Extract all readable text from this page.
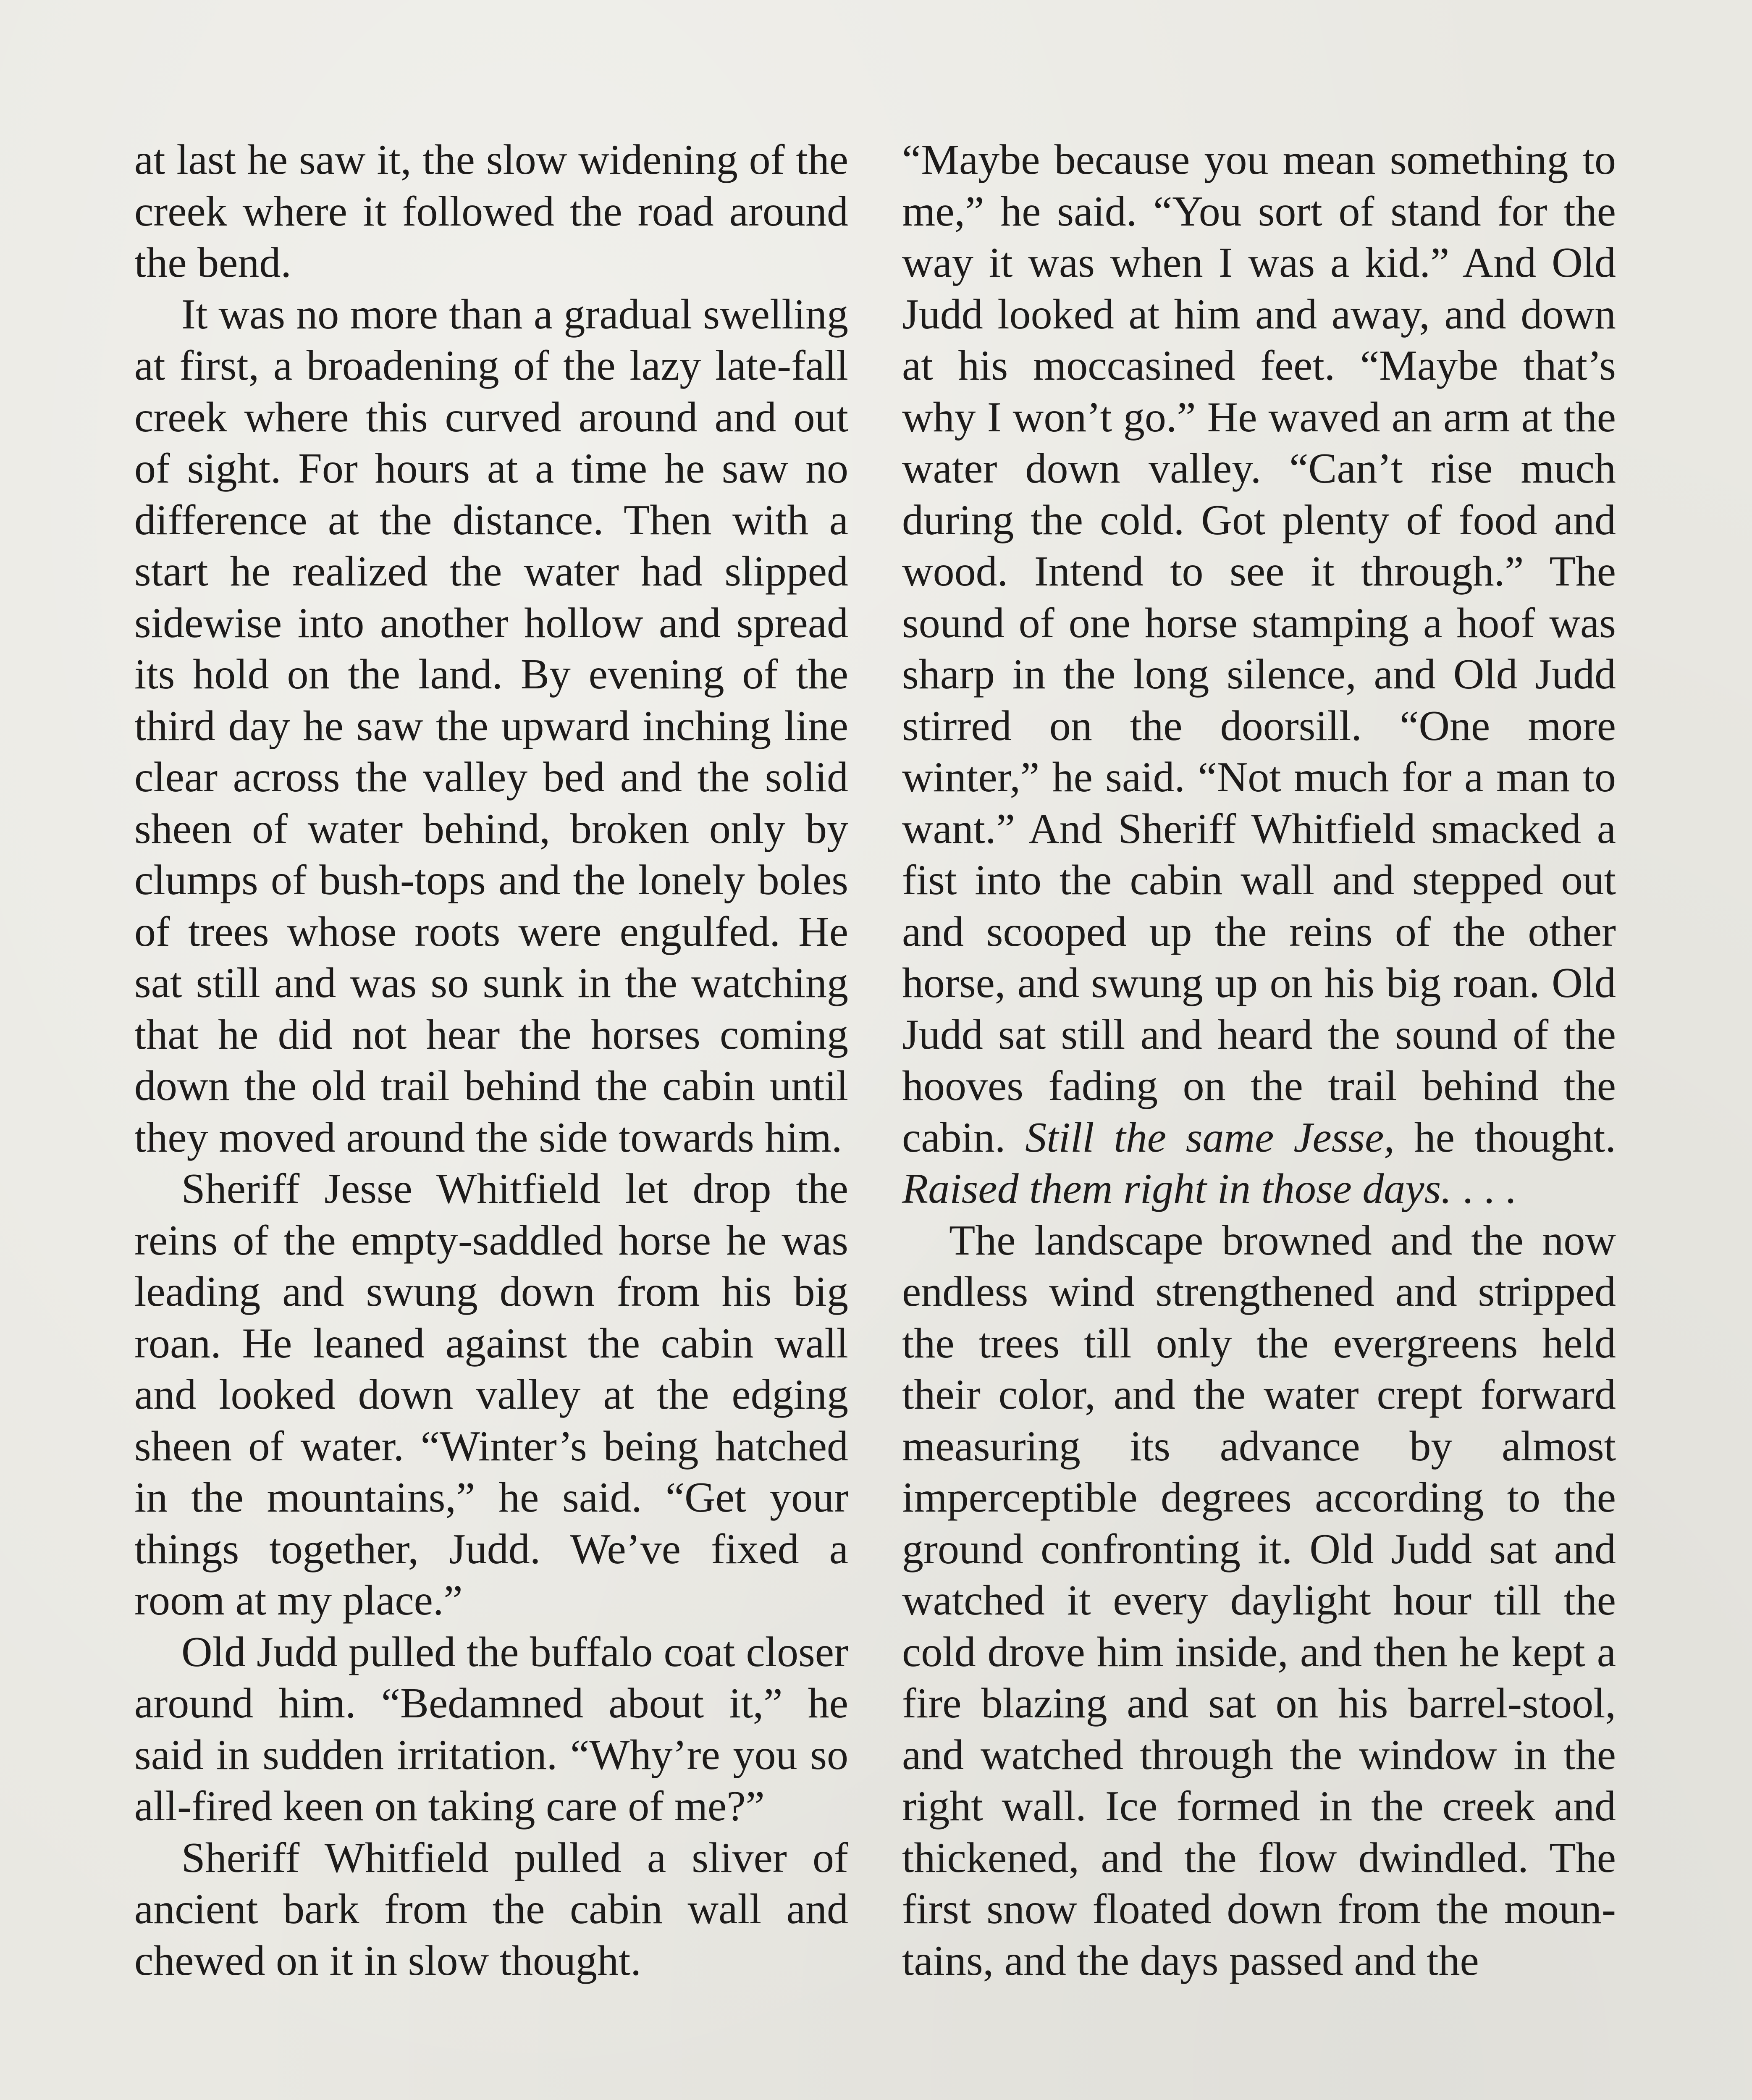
at last he saw it, the slow widening of the creek where it followed the road around the bend.

It was no more than a gradual swelling at first, a broadening of the lazy late-fall creek where this curved around and out of sight. For hours at a time he saw no difference at the distance. Then with a start he realized the water had slipped sidewise into another hollow and spread its hold on the land. By evening of the third day he saw the upward inching line clear across the valley bed and the solid sheen of water behind, broken only by clumps of bush-tops and the lonely boles of trees whose roots were engulfed. He sat still and was so sunk in the watching that he did not hear the horses coming down the old trail behind the cabin until they moved around the side towards him.

Sheriff Jesse Whitfield let drop the reins of the empty-saddled horse he was leading and swung down from his big roan. He leaned against the cabin wall and looked down valley at the edging sheen of water. “Winter’s being hatched in the mountains,” he said. “Get your things together, Judd. We’ve fixed a room at my place.”

Old Judd pulled the buffalo coat closer around him. “Bedamned about it,” he said in sudden irritation. “Why’re you so all-fired keen on taking care of me?”

Sheriff Whitfield pulled a sliver of ancient bark from the cabin wall and chewed on it in slow thought.

“Maybe because you mean something to me,” he said. “You sort of stand for the way it was when I was a kid.” And Old Judd looked at him and away, and down at his moccasined feet. “Maybe that’s why I won’t go.” He waved an arm at the water down valley. “Can’t rise much during the cold. Got plenty of food and wood. Intend to see it through.” The sound of one horse stamping a hoof was sharp in the long silence, and Old Judd stirred on the doorsill. “One more winter,” he said. “Not much for a man to want.” And Sheriff Whitfield smacked a fist into the cabin wall and stepped out and scooped up the reins of the other horse, and swung up on his big roan. Old Judd sat still and heard the sound of the hooves fading on the trail behind the cabin. Still the same Jesse, he thought. Raised them right in those days. . . .

The landscape browned and the now endless wind strengthened and stripped the trees till only the evergreens held their color, and the water crept forward measuring its advance by almost imperceptible degrees according to the ground confronting it. Old Judd sat and watched it every daylight hour till the cold drove him inside, and then he kept a fire blazing and sat on his barrel-stool, and watched through the window in the right wall. Ice formed in the creek and thickened, and the flow dwindled. The first snow floated down from the mountains, and the days passed and the
